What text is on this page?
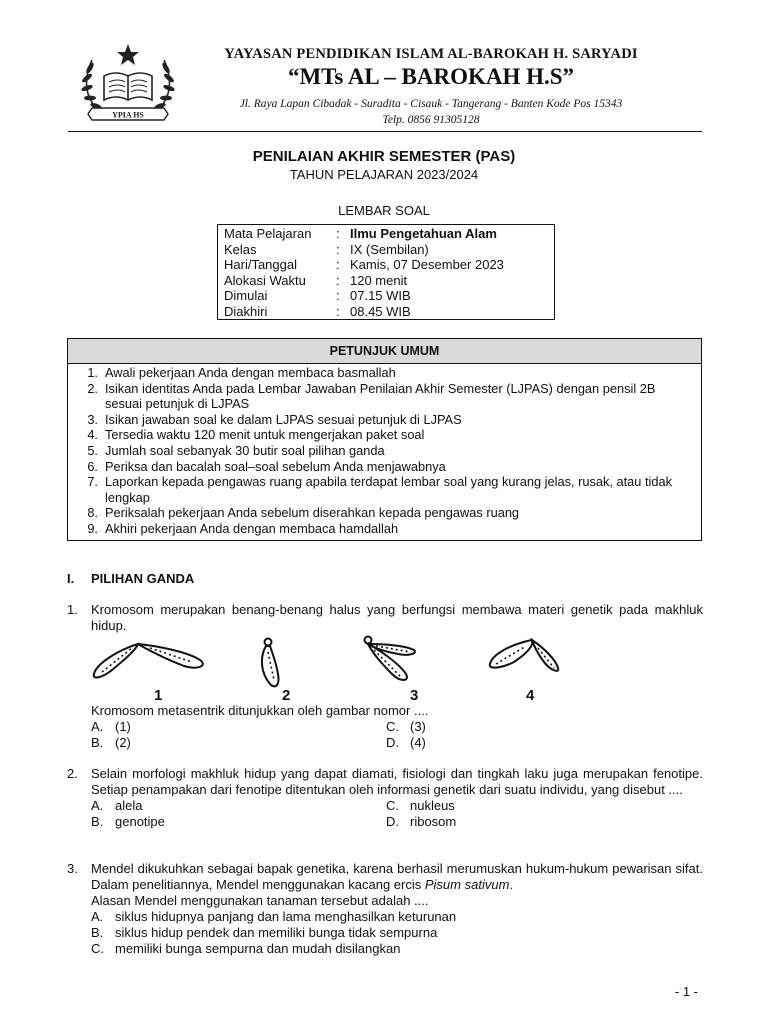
YPIA HS
YAYASAN PENDIDIKAN ISLAM AL-BAROKAH H. SARYADI
“MTs AL – BAROKAH H.S”
Jl. Raya Lapan Cibadak - Suradita - Cisauk - Tangerang - Banten Kode Pos 15343
Telp. 0856 91305128
PENILAIAN AKHIR SEMESTER (PAS)
TAHUN PELAJARAN 2023/2024
LEMBAR SOAL
Mata Pelajaran	: Ilmu Pengetahuan Alam
Kelas	: IX (Sembilan)
Hari/Tanggal	: Kamis, 07 Desember 2023
Alokasi Waktu	: 120 menit
Dimulai	: 07.15 WIB
Diakhiri	: 08.45 WIB
PETUNJUK UMUM
1. Awali pekerjaan Anda dengan membaca basmallah
2. Isikan identitas Anda pada Lembar Jawaban Penilaian Akhir Semester (LJPAS) dengan pensil 2B sesuai petunjuk di LJPAS
3. Isikan jawaban soal ke dalam LJPAS sesuai petunjuk di LJPAS
4. Tersedia waktu 120 menit untuk mengerjakan paket soal
5. Jumlah soal sebanyak 30 butir soal pilihan ganda
6. Periksa dan bacalah soal–soal sebelum Anda menjawabnya
7. Laporkan kepada pengawas ruang apabila terdapat lembar soal yang kurang jelas, rusak, atau tidak lengkap
8. Periksalah pekerjaan Anda sebelum diserahkan kepada pengawas ruang
9. Akhiri pekerjaan Anda dengan membaca hamdallah
I. PILIHAN GANDA
1.	Kromosom merupakan benang-benang halus yang berfungsi membawa materi genetik pada makhluk hidup.
1	2	3	4
Kromosom metasentrik ditunjukkan oleh gambar nomor ....
A. (1)	C. (3)
B. (2)	D. (4)
2.	Selain morfologi makhluk hidup yang dapat diamati, fisiologi dan tingkah laku juga merupakan fenotipe. Setiap penampakan dari fenotipe ditentukan oleh informasi genetik dari suatu individu, yang disebut ....
A. alela	C. nukleus
B. genotipe	D. ribosom
3.	Mendel dikukuhkan sebagai bapak genetika, karena berhasil merumuskan hukum-hukum pewarisan sifat. Dalam penelitiannya, Mendel menggunakan kacang ercis Pisum sativum.
Alasan Mendel menggunakan tanaman tersebut adalah ....
A. siklus hidupnya panjang dan lama menghasilkan keturunan
B. siklus hidup pendek dan memiliki bunga tidak sempurna
C. memiliki bunga sempurna dan mudah disilangkan
- 1 -
